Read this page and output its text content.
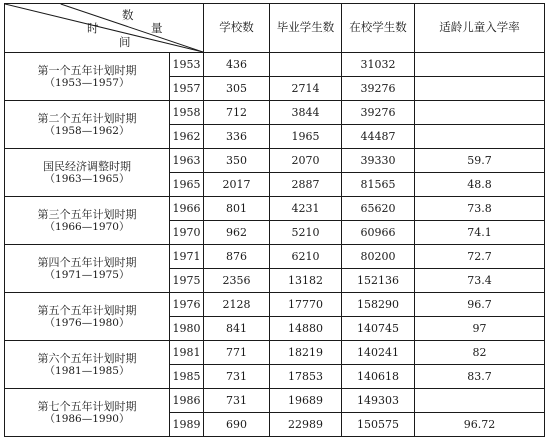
数
时 量
间		学校数	毕业学生数	在校学生数	适龄儿童入学率

第一个五年计划时期
（1953—1957）	1953	436		31032	
	1957	305	2714	39276	

第二个五年计划时期
（1958—1962）	1958	712	3844	39276	
	1962	336	1965	44487	

国民经济调整时期
（1963—1965）	1963	350	2070	39330	59.7
	1965	2017	2887	81565	48.8

第三个五年计划时期
（1966—1970）	1966	801	4231	65620	73.8
	1970	962	5210	60966	74.1

第四个五年计划时期
（1971—1975）	1971	876	6210	80200	72.7
	1975	2356	13182	152136	73.4

第五个五年计划时期
（1976—1980）	1976	2128	17770	158290	96.7
	1980	841	14880	140745	97

第六个五年计划时期
（1981—1985）	1981	771	18219	140241	82
	1985	731	17853	140618	83.7

第七个五年计划时期
（1986—1990）	1986	731	19689	149303	
	1989	690	22989	150575	96.72
